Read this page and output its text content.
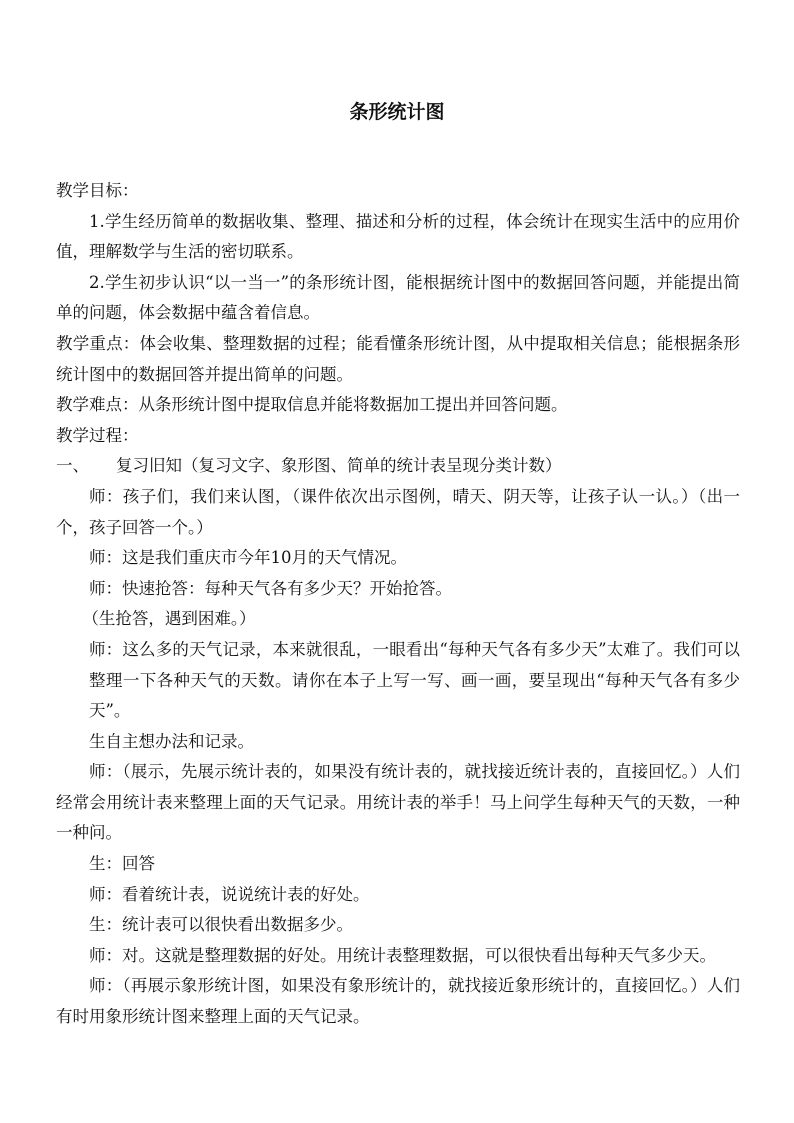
条形统计图

教学目标：

1.学生经历简单的数据收集、整理、描述和分析的过程，体会统计在现实生活中的应用价值，理解数学与生活的密切联系。

2.学生初步认识“以一当一”的条形统计图，能根据统计图中的数据回答问题，并能提出简单的问题，体会数据中蕴含着信息。

教学重点：体会收集、整理数据的过程；能看懂条形统计图，从中提取相关信息；能根据条形统计图中的数据回答并提出简单的问题。

教学难点：从条形统计图中提取信息并能将数据加工提出并回答问题。

教学过程：

一、	复习旧知（复习文字、象形图、简单的统计表呈现分类计数）

师：孩子们，我们来认图，（课件依次出示图例，晴天、阴天等，让孩子认一认。）（出一个，孩子回答一个。）

师：这是我们重庆市今年10月的天气情况。

师：快速抢答：每种天气各有多少天？开始抢答。

（生抢答，遇到困难。）

师：这么多的天气记录，本来就很乱，一眼看出“每种天气各有多少天”太难了。我们可以整理一下各种天气的天数。请你在本子上写一写、画一画，要呈现出“每种天气各有多少天”。

生自主想办法和记录。

师：（展示，先展示统计表的，如果没有统计表的，就找接近统计表的，直接回忆。）人们经常会用统计表来整理上面的天气记录。用统计表的举手！马上问学生每种天气的天数，一种一种问。

生：回答

师：看着统计表，说说统计表的好处。

生：统计表可以很快看出数据多少。

师：对。这就是整理数据的好处。用统计表整理数据，可以很快看出每种天气多少天。

师：（再展示象形统计图，如果没有象形统计的，就找接近象形统计的，直接回忆。）人们有时用象形统计图来整理上面的天气记录。
